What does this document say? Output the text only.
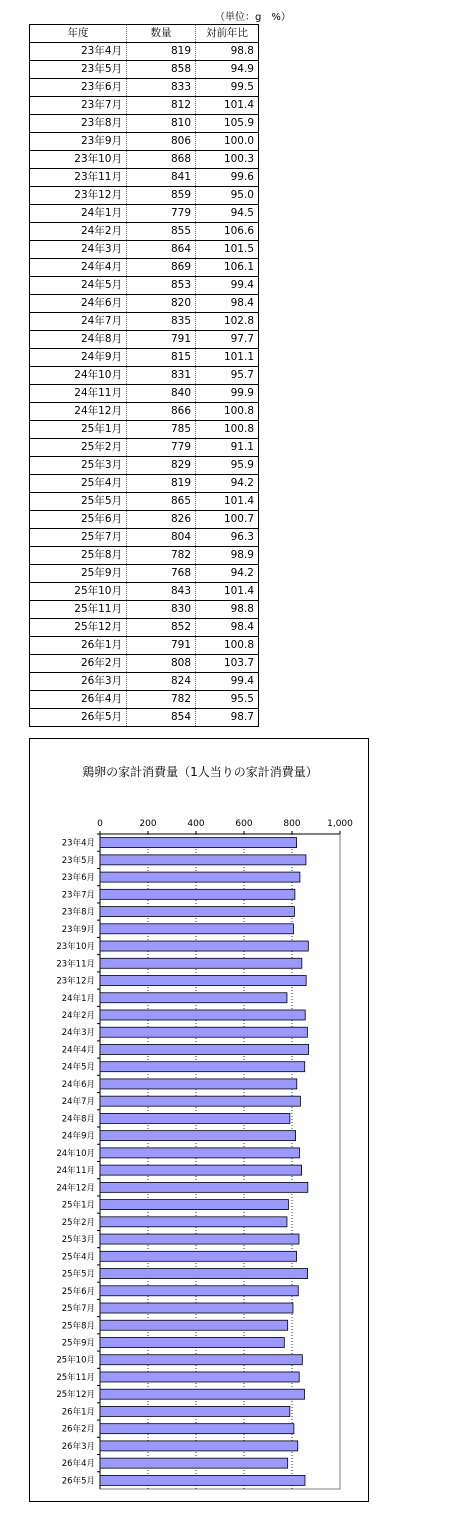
（単位：g　%）
年度	数量	対前年比
23年4月	819	98.8
23年5月	858	94.9
23年6月	833	99.5
23年7月	812	101.4
23年8月	810	105.9
23年9月	806	100.0
23年10月	868	100.3
23年11月	841	99.6
23年12月	859	95.0
24年1月	779	94.5
24年2月	855	106.6
24年3月	864	101.5
24年4月	869	106.1
24年5月	853	99.4
24年6月	820	98.4
24年7月	835	102.8
24年8月	791	97.7
24年9月	815	101.1
24年10月	831	95.7
24年11月	840	99.9
24年12月	866	100.8
25年1月	785	100.8
25年2月	779	91.1
25年3月	829	95.9
25年4月	819	94.2
25年5月	865	101.4
25年6月	826	100.7
25年7月	804	96.3
25年8月	782	98.9
25年9月	768	94.2
25年10月	843	101.4
25年11月	830	98.8
25年12月	852	98.4
26年1月	791	100.8
26年2月	808	103.7
26年3月	824	99.4
26年4月	782	95.5
26年5月	854	98.7
鶏卵の家計消費量（1人当りの家計消費量）
0	200	400	600	800	1,000
23年4月
23年5月
23年6月
23年7月
23年8月
23年9月
23年10月
23年11月
23年12月
24年1月
24年2月
24年3月
24年4月
24年5月
24年6月
24年7月
24年8月
24年9月
24年10月
24年11月
24年12月
25年1月
25年2月
25年3月
25年4月
25年5月
25年6月
25年7月
25年8月
25年9月
25年10月
25年11月
25年12月
26年1月
26年2月
26年3月
26年4月
26年5月
